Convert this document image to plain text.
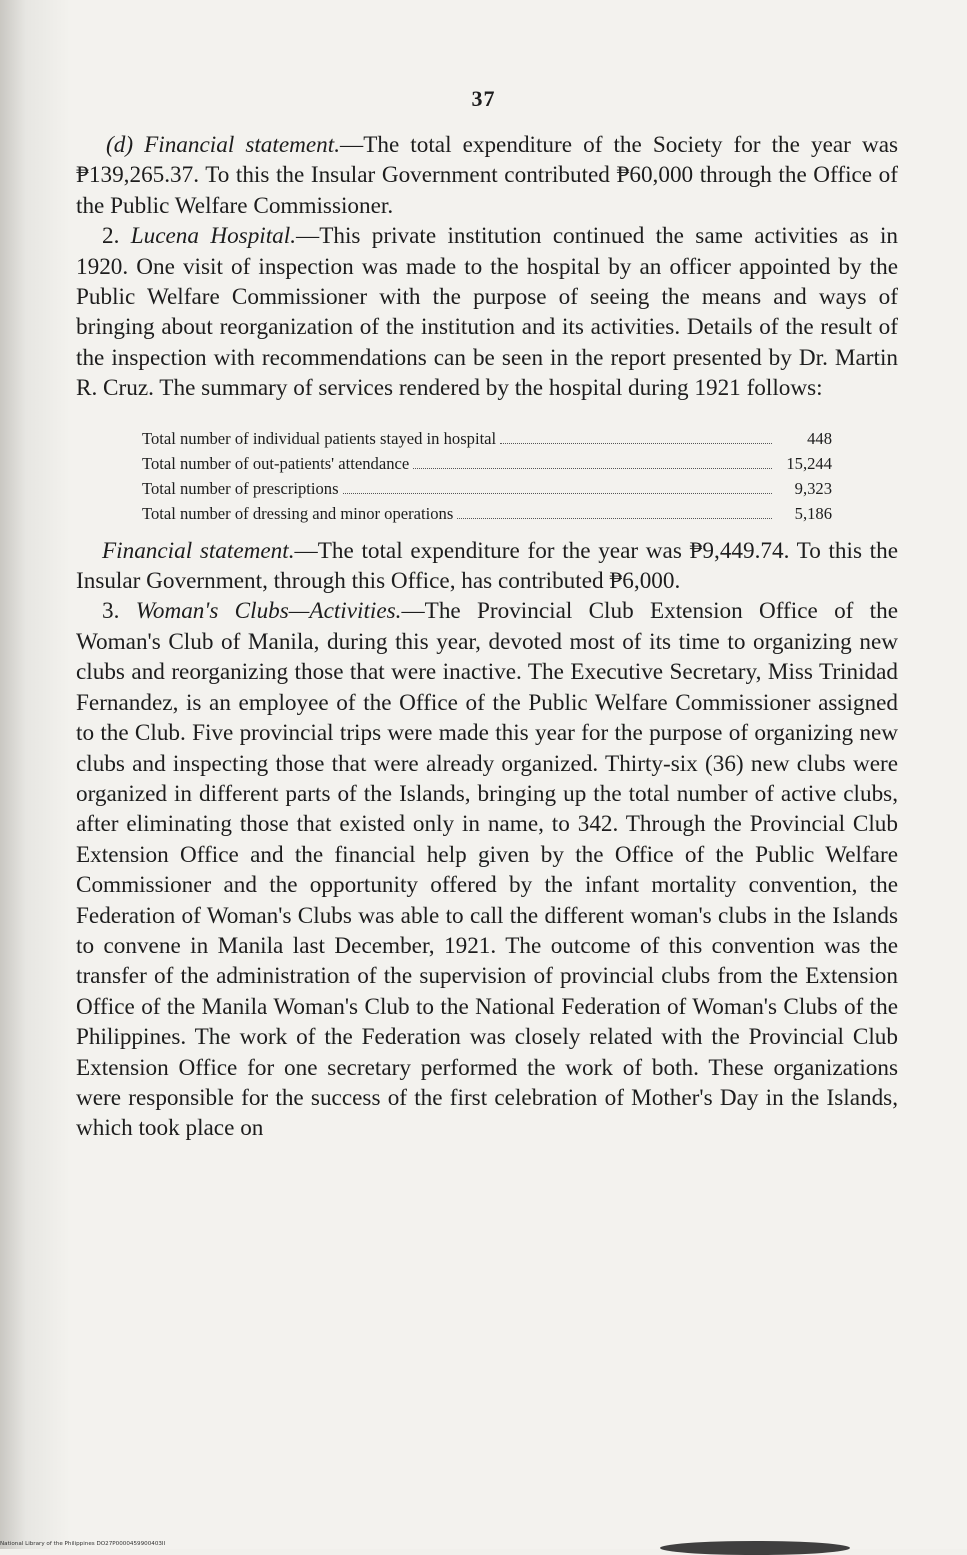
37

(d) Financial statement.—The total expenditure of the Society for the year was ₱139,265.37. To this the Insular Government contributed ₱60,000 through the Office of the Public Welfare Commissioner.

2. Lucena Hospital.—This private institution continued the same activities as in 1920. One visit of inspection was made to the hospital by an officer appointed by the Public Welfare Commissioner with the purpose of seeing the means and ways of bringing about reorganization of the institution and its activities. Details of the result of the inspection with recommendations can be seen in the report presented by Dr. Martin R. Cruz. The summary of services rendered by the hospital during 1921 follows:

Total number of individual patients stayed in hospital	448
Total number of out-patients' attendance	15,244
Total number of prescriptions	9,323
Total number of dressing and minor operations	5,186

Financial statement.—The total expenditure for the year was ₱9,449.74. To this the Insular Government, through this Office, has contributed ₱6,000.

3. Woman's Clubs—Activities.—The Provincial Club Extension Office of the Woman's Club of Manila, during this year, devoted most of its time to organizing new clubs and reorganizing those that were inactive. The Executive Secretary, Miss Trinidad Fernandez, is an employee of the Office of the Public Welfare Commissioner assigned to the Club. Five provincial trips were made this year for the purpose of organizing new clubs and inspecting those that were already organized. Thirty-six (36) new clubs were organized in different parts of the Islands, bringing up the total number of active clubs, after eliminating those that existed only in name, to 342. Through the Provincial Club Extension Office and the financial help given by the Office of the Public Welfare Commissioner and the opportunity offered by the infant mortality convention, the Federation of Woman's Clubs was able to call the different woman's clubs in the Islands to convene in Manila last December, 1921. The outcome of this convention was the transfer of the administration of the supervision of provincial clubs from the Extension Office of the Manila Woman's Club to the National Federation of Woman's Clubs of the Philippines. The work of the Federation was closely related with the Provincial Club Extension Office for one secretary performed the work of both. These organizations were responsible for the success of the first celebration of Mother's Day in the Islands, which took place on

National Library of the Philippines DO27P0000459900403II
